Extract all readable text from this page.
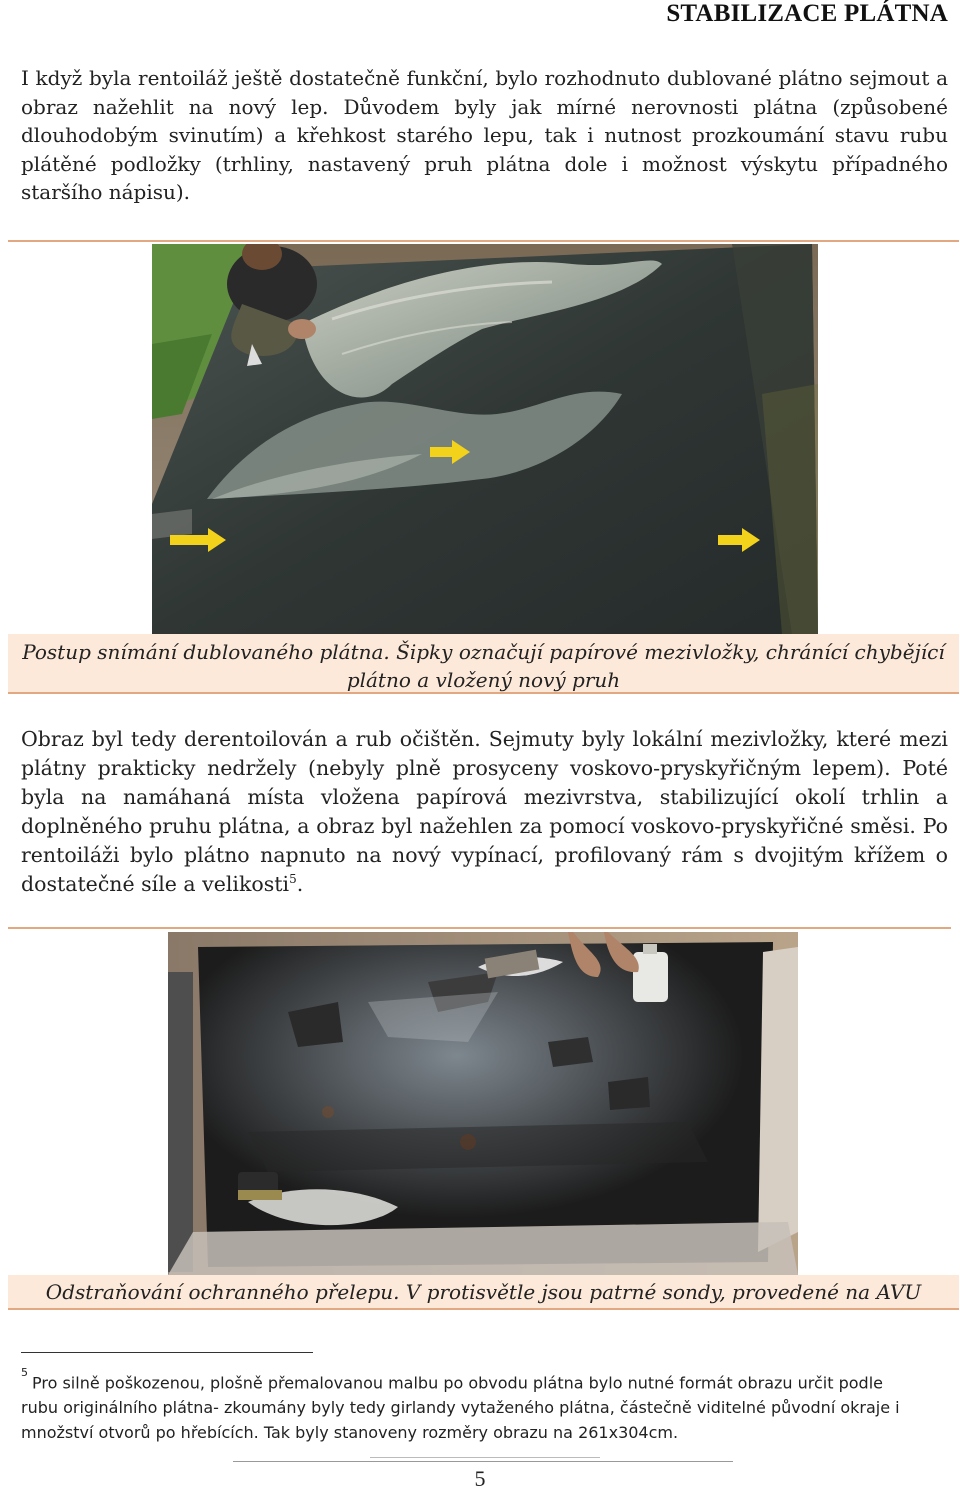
STABILIZACE PLÁTNA
I když byla rentoiláž ještě dostatečně funkční, bylo rozhodnuto dublované plátno sejmout a obraz nažehlit na nový lep. Důvodem byly jak mírné nerovnosti plátna (způsobené dlouhodobým svinutím) a křehkost starého lepu, tak i nutnost prozkoumání stavu rubu plátěné podložky (trhliny, nastavený pruh plátna dole i možnost výskytu případného staršího nápisu).
Postup snímání dublovaného plátna. Šipky označují papírové mezivložky, chránící chybějící
plátno a vložený nový pruh
Obraz byl tedy derentoilován a rub očištěn. Sejmuty byly lokální mezivložky, které mezi plátny prakticky nedržely (nebyly plně prosyceny voskovo-pryskyřičným lepem). Poté byla na namáhaná místa vložena papírová mezivrstva, stabilizující okolí trhlin a doplněného pruhu plátna, a obraz byl nažehlen za pomocí voskovo-pryskyřičné směsi. Po rentoiláži bylo plátno napnuto na nový vypínací, profilovaný rám s dvojitým křížem o dostatečné síle a velikosti$^5$.
Odstraňování ochranného přelepu. V protisvětle jsou patrné sondy, provedené na AVU
$^5$Pro silně poškozenou, plošně přemalovanou malbu po obvodu plátna bylo nutné formát obrazu určit podle rubu originálního plátna- zkoumány byly tedy girlandy vytaženého plátna, částečně viditelné původní okraje i množství otvorů po hřebících. Tak byly stanoveny rozměry obrazu na 261x304cm.
5
